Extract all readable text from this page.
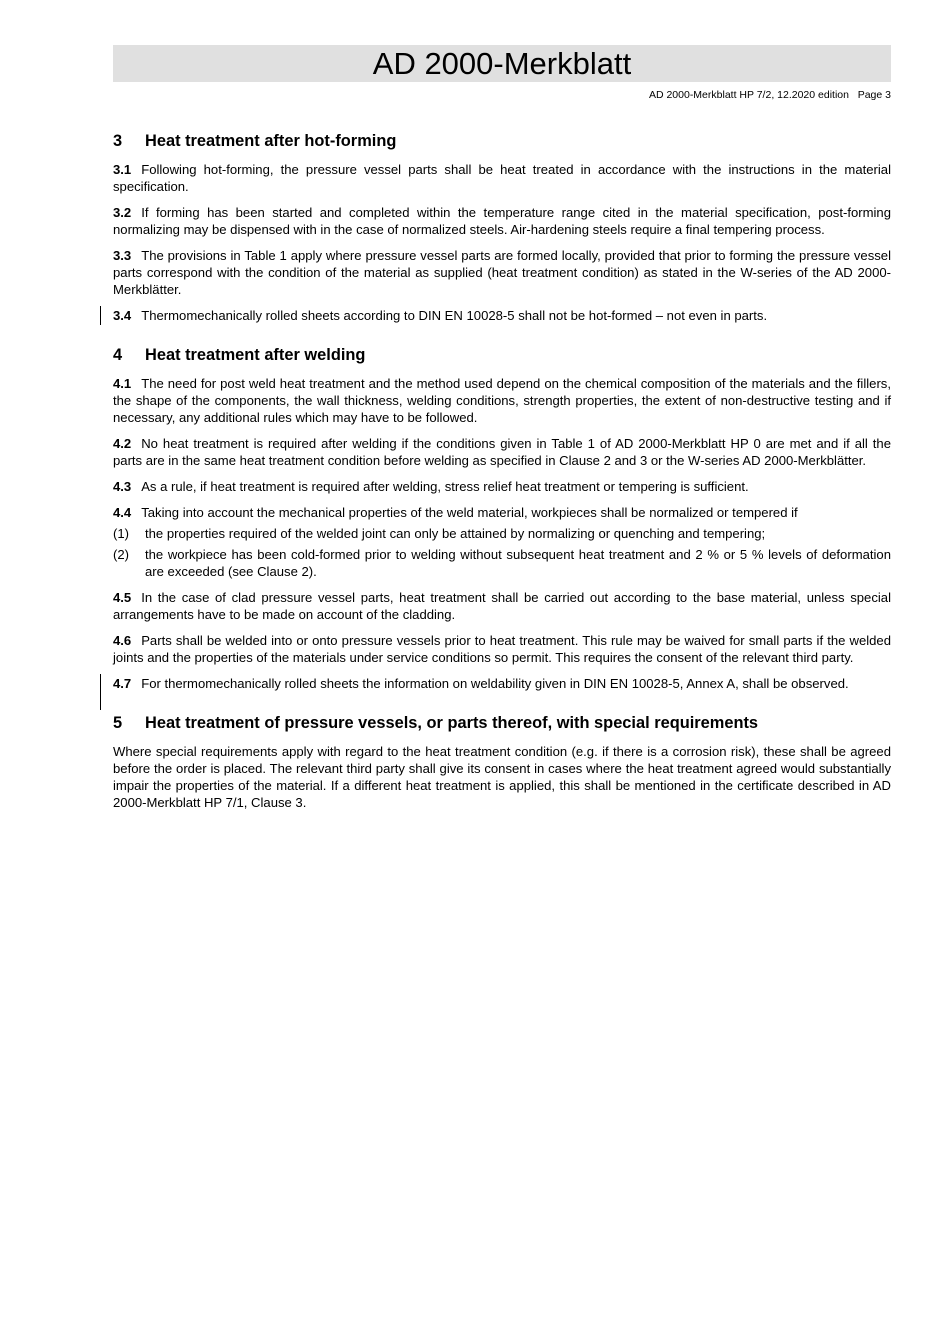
AD 2000-Merkblatt
AD 2000-Merkblatt HP 7/2, 12.2020 edition   Page 3
3 Heat treatment after hot-forming

3.1 Following hot-forming, the pressure vessel parts shall be heat treated in accordance with the instructions in the material specification.

3.2 If forming has been started and completed within the temperature range cited in the material specification, post-forming normalizing may be dispensed with in the case of normalized steels. Air-hardening steels require a final tempering process.

3.3 The provisions in Table 1 apply where pressure vessel parts are formed locally, provided that prior to forming the pressure vessel parts correspond with the condition of the material as supplied (heat treatment condition) as stated in the W-series of the AD 2000-Merkblätter.

3.4 Thermomechanically rolled sheets according to DIN EN 10028-5 shall not be hot-formed – not even in parts.

4 Heat treatment after welding

4.1 The need for post weld heat treatment and the method used depend on the chemical composition of the materials and the fillers, the shape of the components, the wall thickness, welding conditions, strength properties, the extent of non-destructive testing and if necessary, any additional rules which may have to be followed.

4.2 No heat treatment is required after welding if the conditions given in Table 1 of AD 2000-Merkblatt HP 0 are met and if all the parts are in the same heat treatment condition before welding as specified in Clause 2 and 3 or the W-series AD 2000-Merkblätter.

4.3 As a rule, if heat treatment is required after welding, stress relief heat treatment or tempering is sufficient.

4.4 Taking into account the mechanical properties of the weld material, workpieces shall be normalized or tempered if

(1) the properties required of the welded joint can only be attained by normalizing or quenching and tempering;
(2) the workpiece has been cold-formed prior to welding without subsequent heat treatment and 2 % or 5 % levels of deformation are exceeded (see Clause 2).

4.5 In the case of clad pressure vessel parts, heat treatment shall be carried out according to the base material, unless special arrangements have to be made on account of the cladding.

4.6 Parts shall be welded into or onto pressure vessels prior to heat treatment. This rule may be waived for small parts if the welded joints and the properties of the materials under service conditions so permit. This requires the consent of the relevant third party.

4.7 For thermomechanically rolled sheets the information on weldability given in DIN EN 10028-5, Annex A, shall be observed.

5 Heat treatment of pressure vessels, or parts thereof, with special requirements

Where special requirements apply with regard to the heat treatment condition (e.g. if there is a corrosion risk), these shall be agreed before the order is placed. The relevant third party shall give its consent in cases where the heat treatment agreed would substantially impair the properties of the material. If a different heat treatment is applied, this shall be mentioned in the certificate described in AD 2000-Merkblatt HP 7/1, Clause 3.
